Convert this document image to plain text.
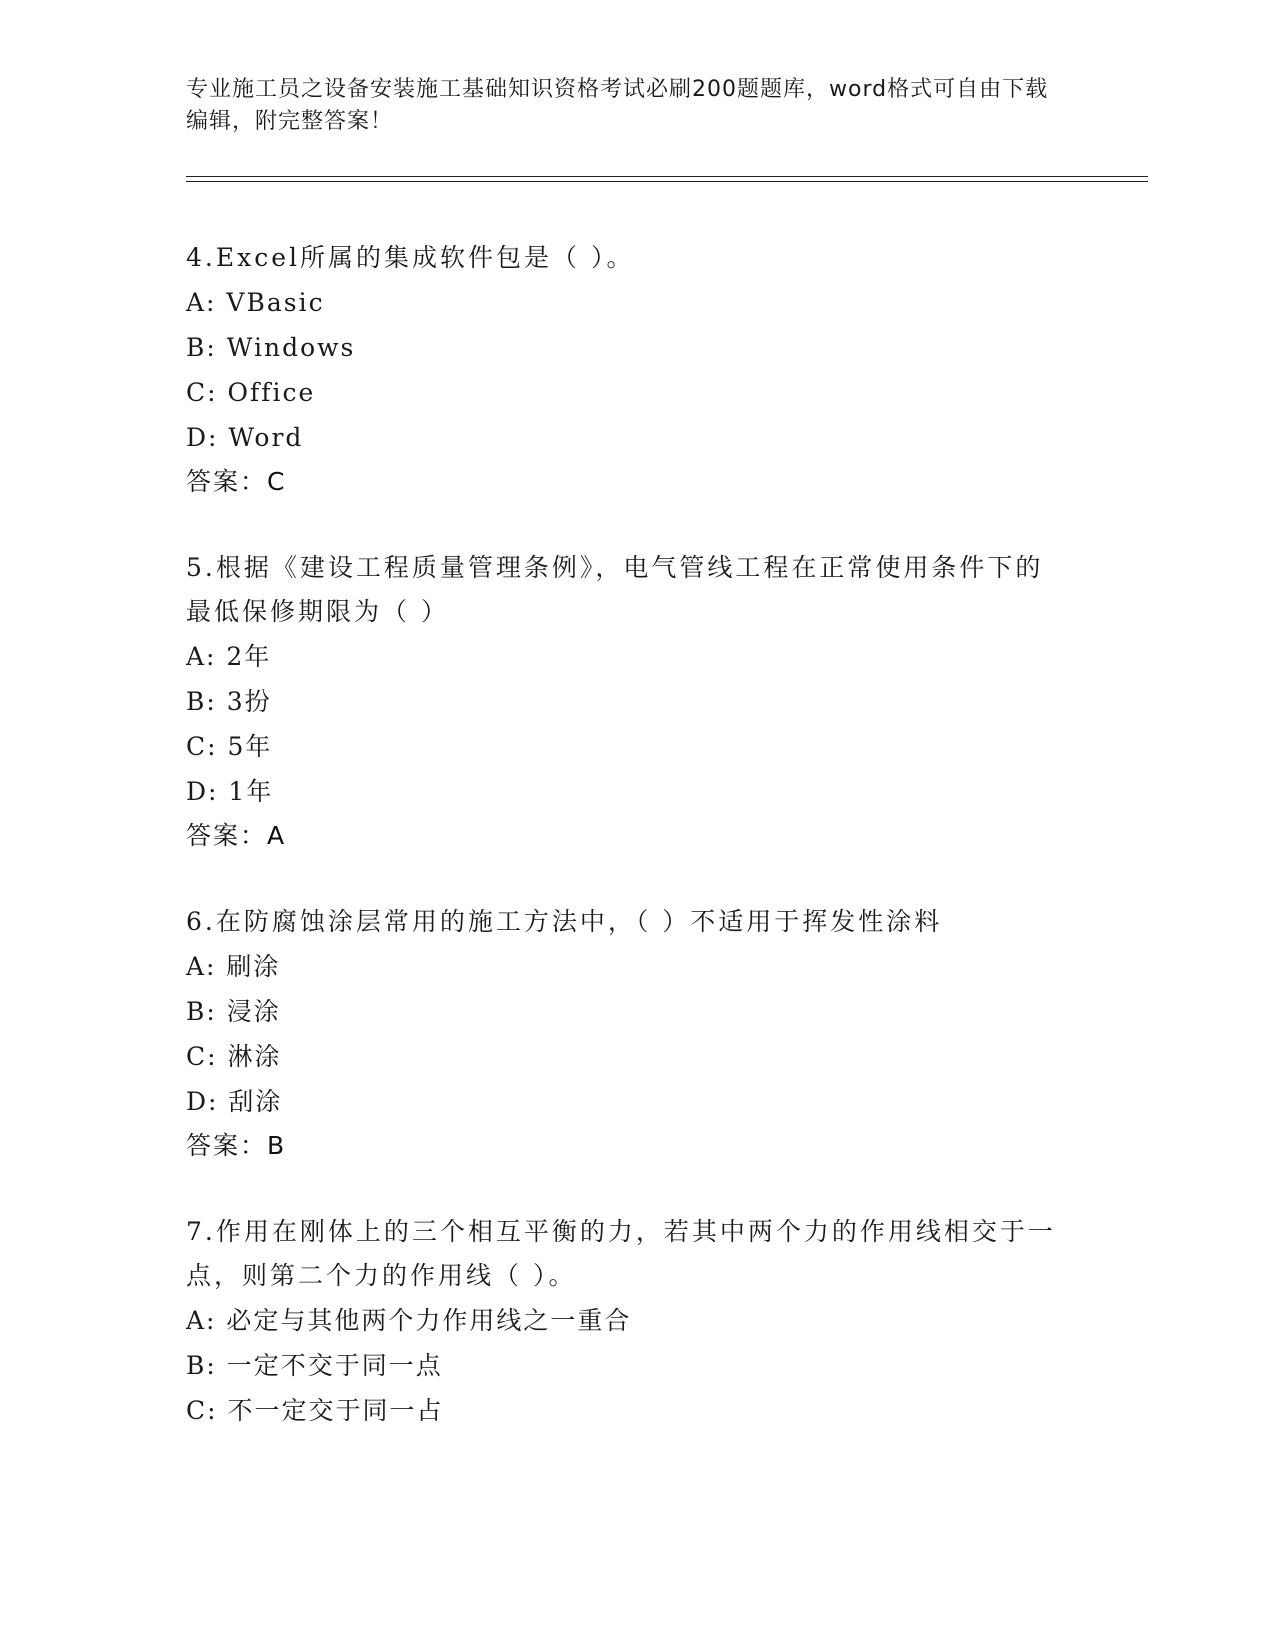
专业施工员之设备安装施工基础知识资格考试必刷200题题库，word格式可自由下载编辑，附完整答案！

4.Excel所属的集成软件包是（ ）。

A: VBasic

B: Windows

C: Office

D: Word

答案：C

5.根据《建设工程质量管理条例》，电气管线工程在正常使用条件下的最低保修期限为（ ）

A: 2年

B: 3扮

C: 5年

D: 1年

答案：A

6.在防腐蚀涂层常用的施工方法中，（ ）不适用于挥发性涂料

A: 刷涂

B: 浸涂

C: 淋涂

D: 刮涂

答案：B

7.作用在刚体上的三个相互平衡的力，若其中两个力的作用线相交于一点，则第二个力的作用线（ ）。

A: 必定与其他两个力作用线之一重合

B: 一定不交于同一点

C: 不一定交于同一占
